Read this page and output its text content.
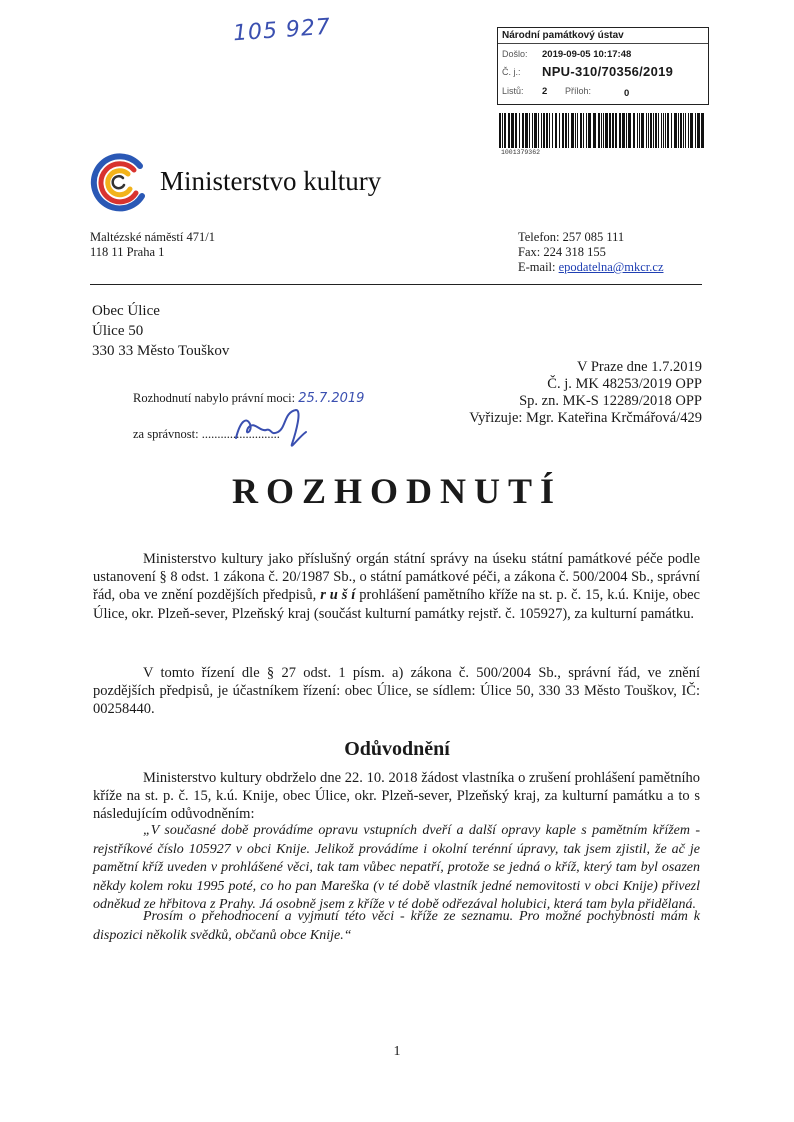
105 927	Národní památkový ústav
Došlo: 2019-09-05 10:17:48
Č. j.: NPU-310/70356/2019
Listů: 2 Příloh:	0
1001379362
Ministerstvo kultury
Maltézské náměstí 471/1
118 11 Praha 1
Telefon: 257 085 111
Fax: 224 318 155
E-mail: epodatelna@mkcr.cz
Obec Úlice
Úlice 50
330 33 Město Touškov
V Praze dne 1.7.2019
Č. j. MK 48253/2019 OPP
Sp. zn. MK-S 12289/2018 OPP
Vyřizuje: Mgr. Kateřina Krčmářová/429
Rozhodnutí nabylo právní moci: 25.7.2019
za správnost: .........................
ROZHODNUTÍ
Ministerstvo kultury jako příslušný orgán státní správy na úseku státní památkové péče podle ustanovení § 8 odst. 1 zákona č. 20/1987 Sb., o státní památkové péči, a zákona č. 500/2004 Sb., správní řád, oba ve znění pozdějších předpisů, r u š í prohlášení pamětního kříže na st. p. č. 15, k.ú. Knije, obec Úlice, okr. Plzeň-sever, Plzeňský kraj (součást kulturní památky rejstř. č. 105927), za kulturní památku.
V tomto řízení dle § 27 odst. 1 písm. a) zákona č. 500/2004 Sb., správní řád, ve znění pozdějších předpisů, je účastníkem řízení: obec Úlice, se sídlem: Úlice 50, 330 33 Město Touškov, IČ: 00258440.
Odůvodnění
Ministerstvo kultury obdrželo dne 22. 10. 2018 žádost vlastníka o zrušení prohlášení pamětního kříže na st. p. č. 15, k.ú. Knije, obec Úlice, okr. Plzeň-sever, Plzeňský kraj, za kulturní památku a to s následujícím odůvodněním:
„V současné době provádíme opravu vstupních dveří a další opravy kaple s pamětním křížem - rejstříkové číslo 105927 v obci Knije. Jelikož provádíme i okolní terénní úpravy, tak jsem zjistil, že ač je pamětní kříž uveden v prohlášené věci, tak tam vůbec nepatří, protože se jedná o kříž, který tam byl osazen někdy kolem roku 1995 poté, co ho pan Mareška (v té době vlastník jedné nemovitosti v obci Knije) přivezl odněkud ze hřbitova z Prahy. Já osobně jsem z kříže v té době odřezával holubici, která tam byla přidělaná.
Prosím o přehodnocení a vyjmutí této věci - kříže ze seznamu. Pro možné pochybnosti mám k dispozici několik svědků, občanů obce Knije.“
1
